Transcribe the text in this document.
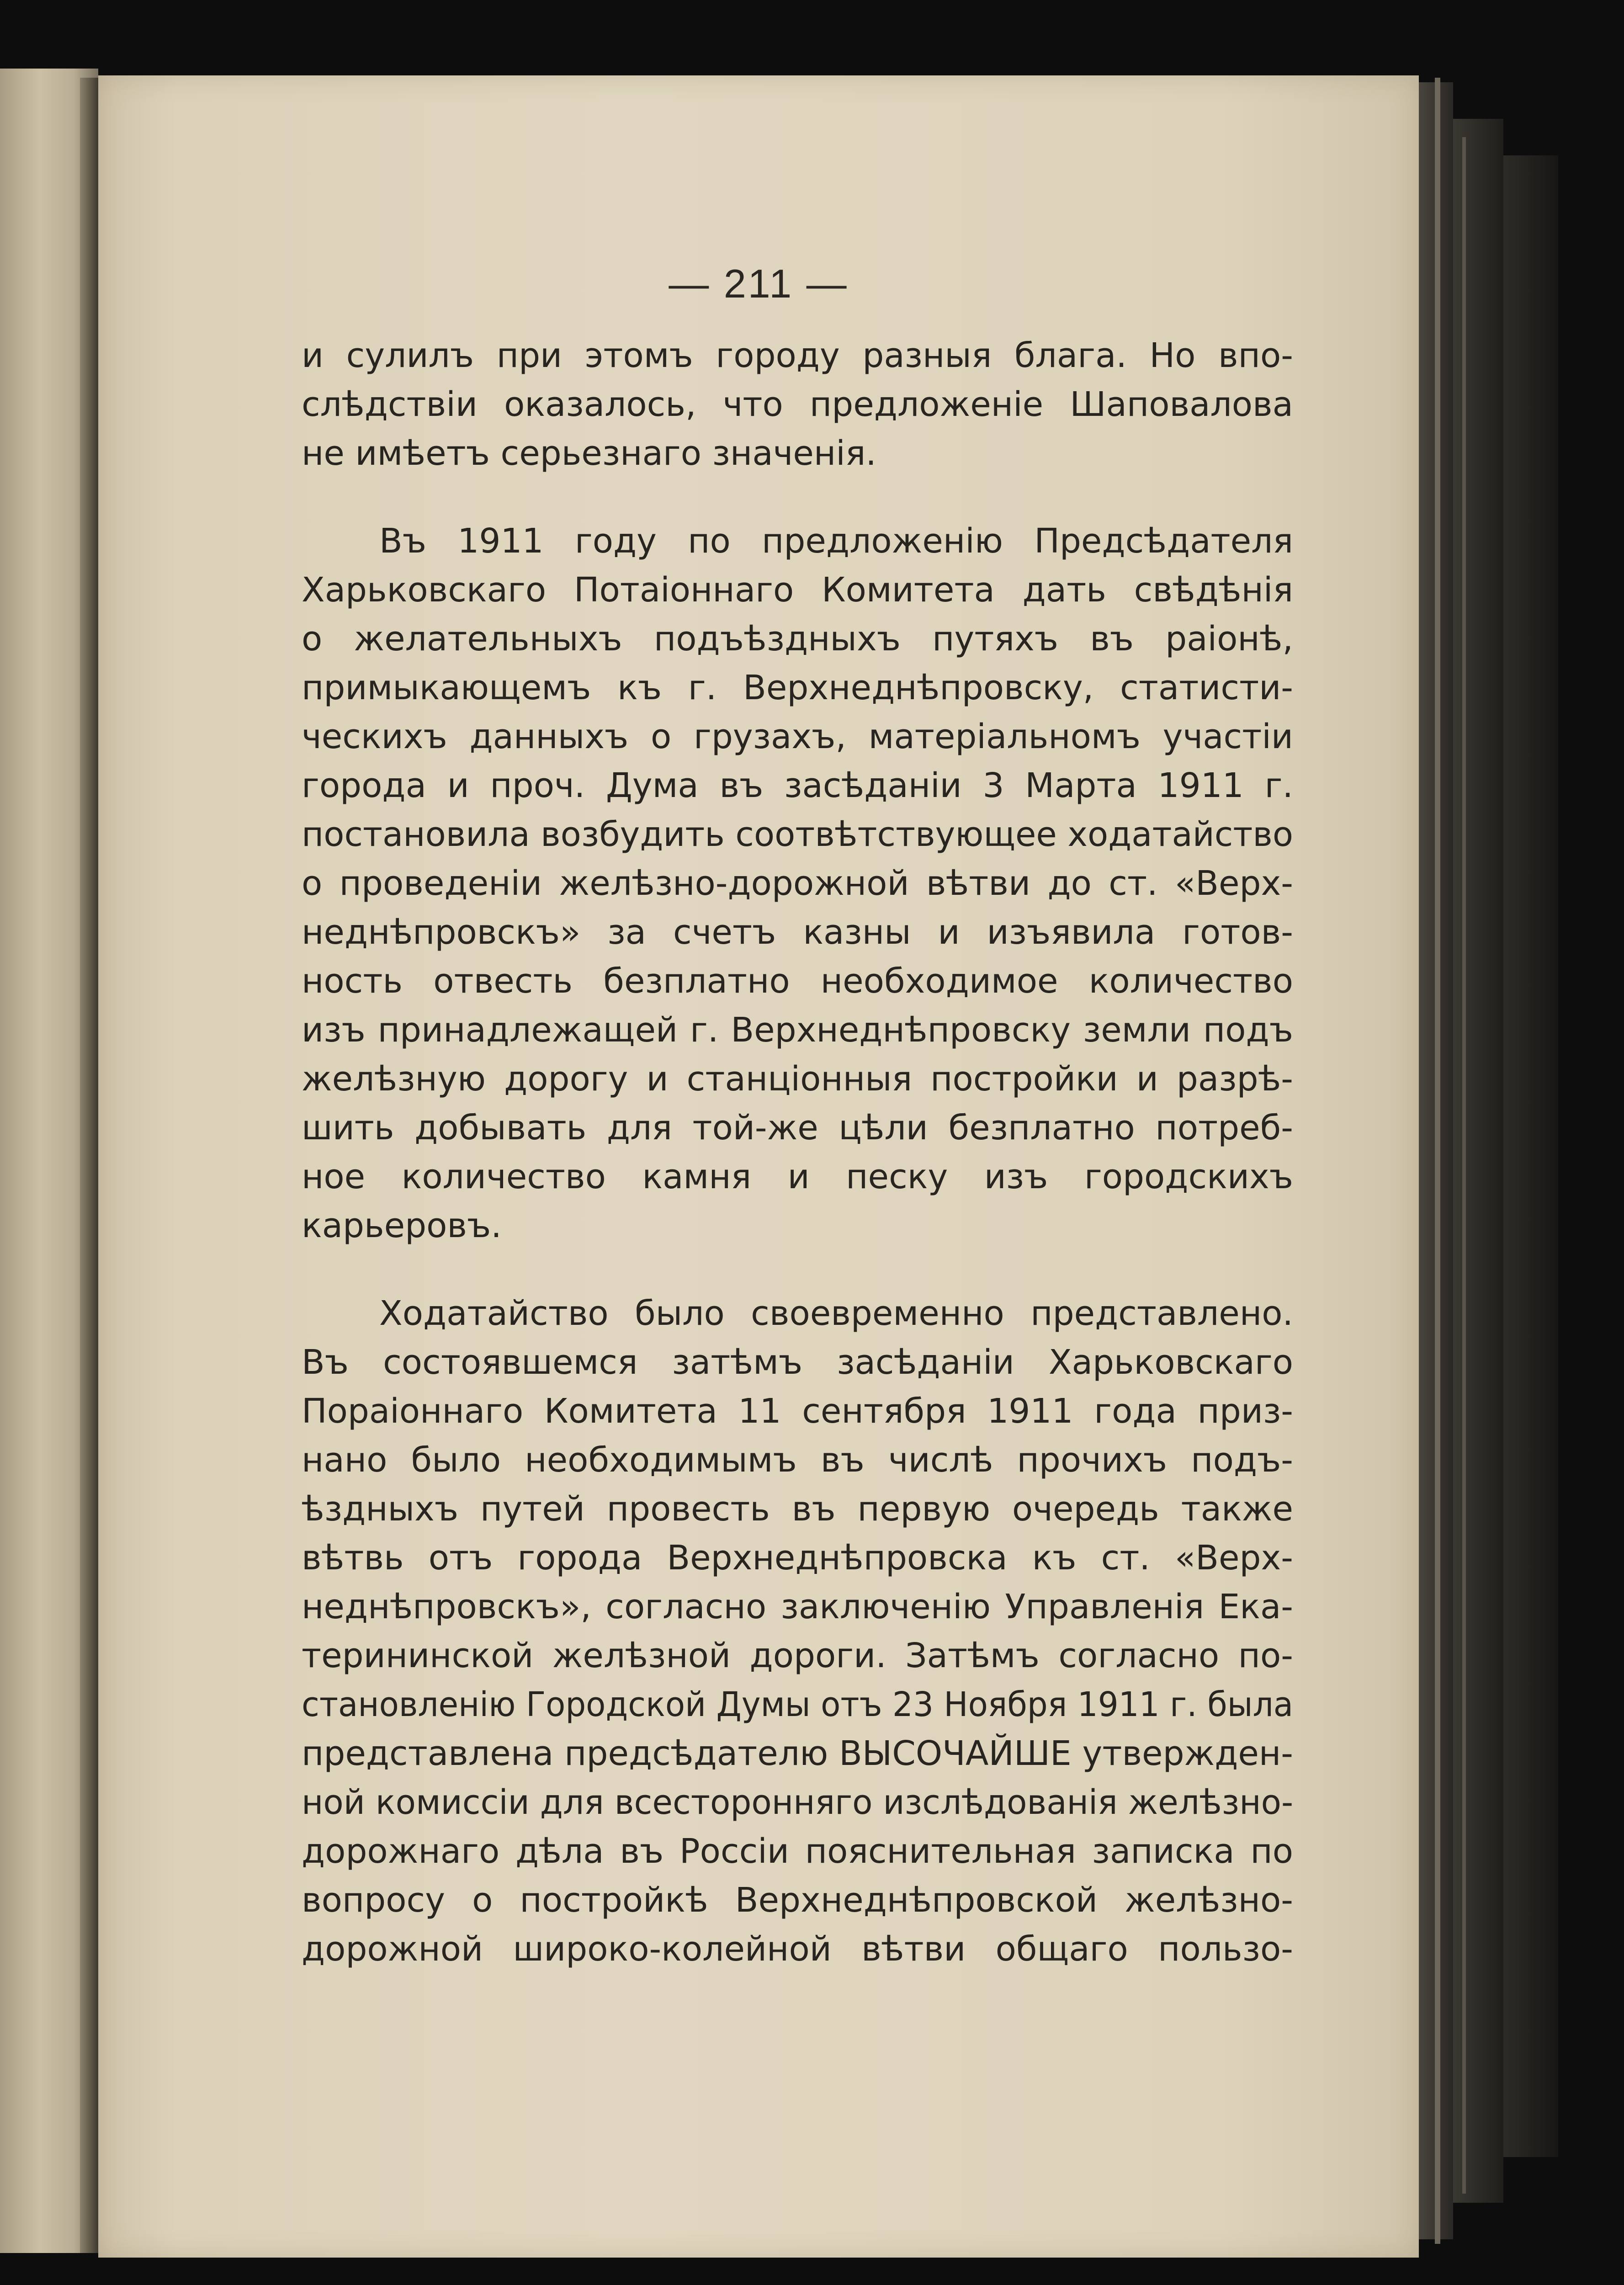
— 211 —
и сулилъ при этомъ городу разныя блага. Но впо-
слѣдствіи оказалось, что предложеніе Шаповалова
не имѣетъ серьезнаго значенія.
Въ 1911 году по предложенію Предсѣдателя
Харьковскаго Потаіоннаго Комитета дать свѣдѣнія
о желательныхъ подъѣздныхъ путяхъ въ раіонѣ,
примыкающемъ къ г. Верхнеднѣпровску, статисти-
ческихъ данныхъ о грузахъ, матеріальномъ участіи
города и проч. Дума въ засѣданіи 3 Марта 1911 г.
постановила возбудить соотвѣтствующее ходатайство
о проведеніи желѣзно-дорожной вѣтви до ст. «Верх-
неднѣпровскъ» за счетъ казны и изъявила готов-
ность отвесть безплатно необходимое количество
изъ принадлежащей г. Верхнеднѣпровску земли подъ
желѣзную дорогу и станціонныя постройки и разрѣ-
шить добывать для той-же цѣли безплатно потреб-
ное количество камня и песку изъ городскихъ
карьеровъ.
Ходатайство было своевременно представлено.
Въ состоявшемся затѣмъ засѣданіи Харьковскаго
Пораіоннаго Комитета 11 сентября 1911 года приз-
нано было необходимымъ въ числѣ прочихъ подъ-
ѣздныхъ путей провесть въ первую очередь также
вѣтвь отъ города Верхнеднѣпровска къ ст. «Верх-
неднѣпровскъ», согласно заключенію Управленія Ека-
терининской желѣзной дороги. Затѣмъ согласно по-
становленію Городской Думы отъ 23 Ноября 1911 г. была
представлена предсѣдателю ВЫСОЧАЙШЕ утвержден-
ной комиссіи для всесторонняго изслѣдованія желѣзно-
дорожнаго дѣла въ Россіи пояснительная записка по
вопросу о постройкѣ Верхнеднѣпровской желѣзно-
дорожной широко-колейной вѣтви общаго пользо-
